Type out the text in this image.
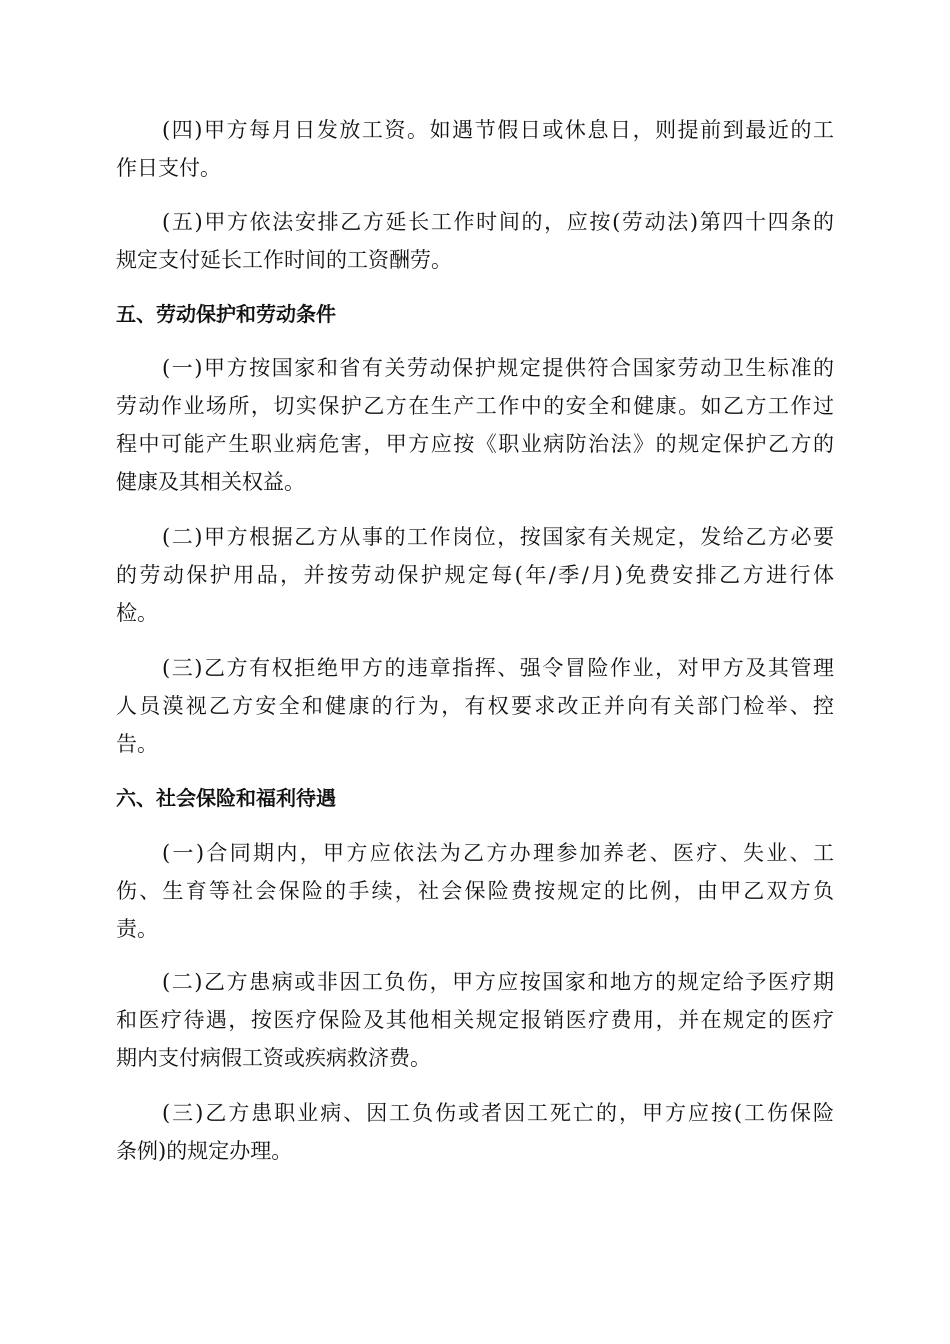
(四)甲方每月日发放工资。如遇节假日或休息日，则提前到最近的工
作日支付。
(五)甲方依法安排乙方延长工作时间的，应按(劳动法)第四十四条的
规定支付延长工作时间的工资酬劳。
五、劳动保护和劳动条件
(一)甲方按国家和省有关劳动保护规定提供符合国家劳动卫生标准的
劳动作业场所，切实保护乙方在生产工作中的安全和健康。如乙方工作过
程中可能产生职业病危害，甲方应按《职业病防治法》的规定保护乙方的
健康及其相关权益。
(二)甲方根据乙方从事的工作岗位，按国家有关规定，发给乙方必要
的劳动保护用品，并按劳动保护规定每(年/季/月)免费安排乙方进行体
检。
(三)乙方有权拒绝甲方的违章指挥、强令冒险作业，对甲方及其管理
人员漠视乙方安全和健康的行为，有权要求改正并向有关部门检举、控
告。
六、社会保险和福利待遇
(一)合同期内，甲方应依法为乙方办理参加养老、医疗、失业、工
伤、生育等社会保险的手续，社会保险费按规定的比例，由甲乙双方负
责。
(二)乙方患病或非因工负伤，甲方应按国家和地方的规定给予医疗期
和医疗待遇，按医疗保险及其他相关规定报销医疗费用，并在规定的医疗
期内支付病假工资或疾病救济费。
(三)乙方患职业病、因工负伤或者因工死亡的，甲方应按(工伤保险
条例)的规定办理。
